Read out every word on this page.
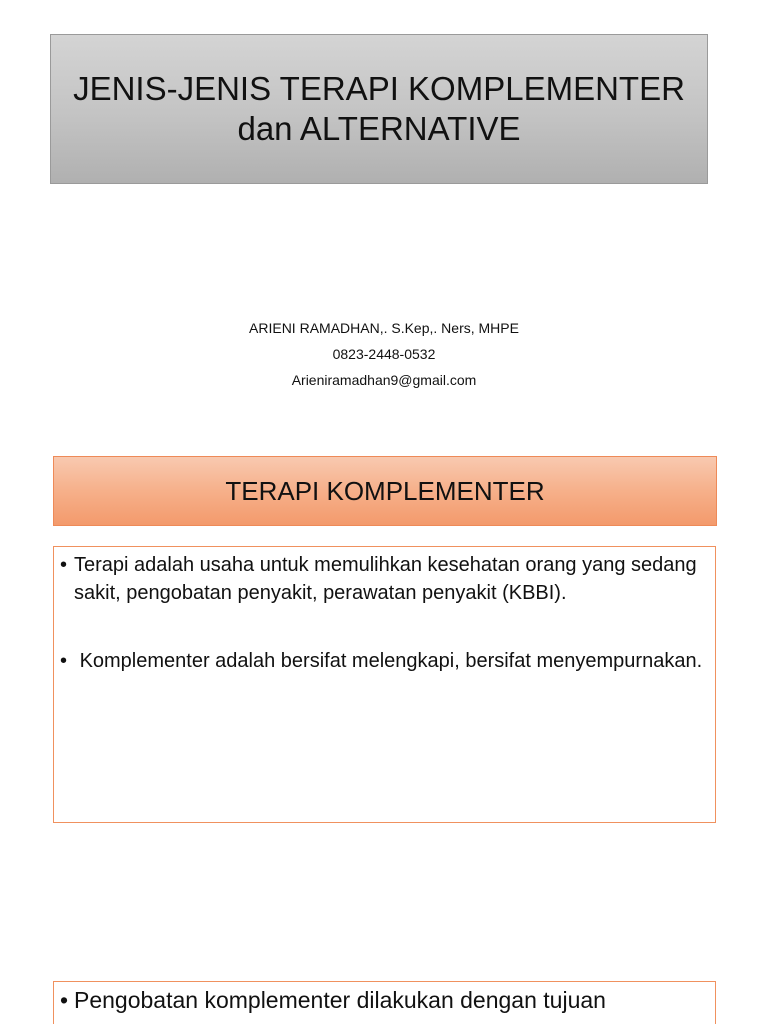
JENIS-JENIS TERAPI KOMPLEMENTER
dan ALTERNATIVE
ARIENI RAMADHAN,. S.Kep,. Ners, MHPE
0823-2448-0532
Arieniramadhan9@gmail.com
TERAPI KOMPLEMENTER
• Terapi adalah usaha untuk memulihkan kesehatan orang yang sedang sakit, pengobatan penyakit, perawatan penyakit (KBBI).
• Komplementer adalah bersifat melengkapi, bersifat menyempurnakan.
• Pengobatan komplementer dilakukan dengan tujuan
